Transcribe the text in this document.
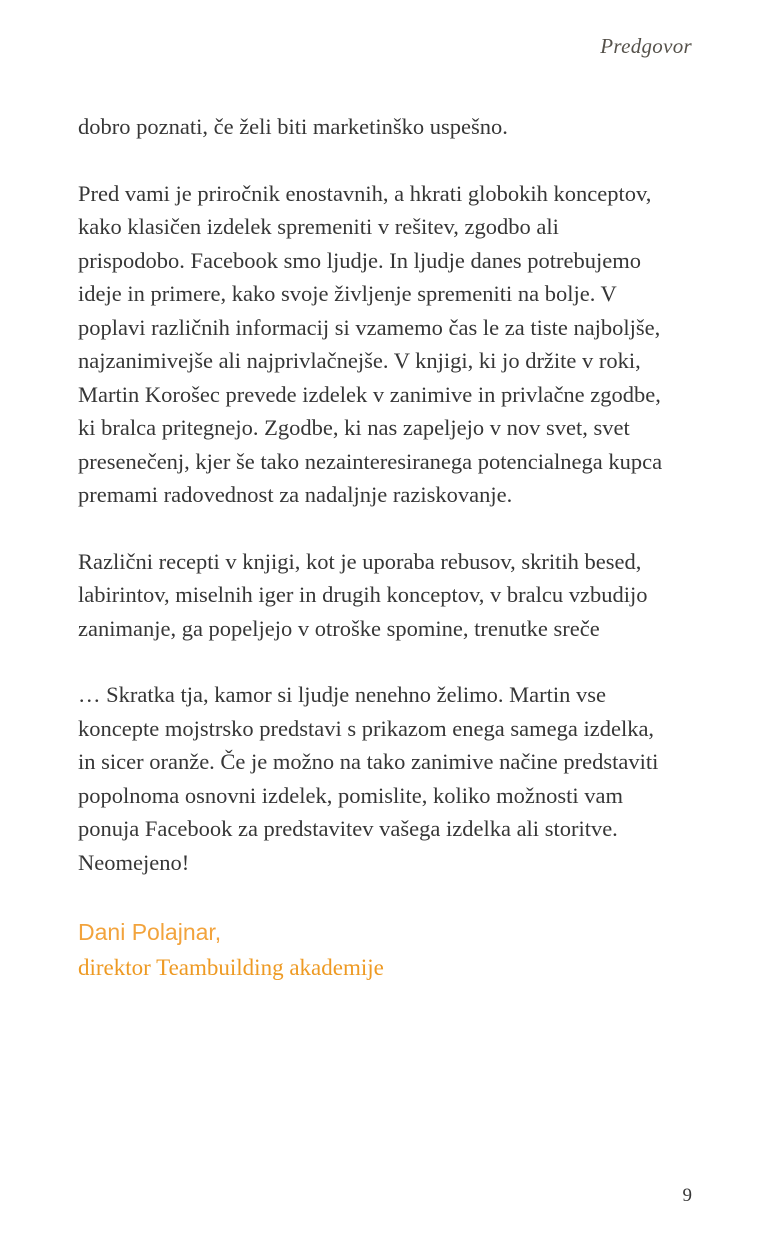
Predgovor

dobro poznati, če želi biti marketinško uspešno.

Pred vami je priročnik enostavnih, a hkrati globokih konceptov,
kako klasičen izdelek spremeniti v rešitev, zgodbo ali
prispodobo. Facebook smo ljudje. In ljudje danes potrebujemo
ideje in primere, kako svoje življenje spremeniti na bolje. V
poplavi različnih informacij si vzamemo čas le za tiste najboljše,
najzanimivejše ali najprivlačnejše. V knjigi, ki jo držite v roki,
Martin Korošec prevede izdelek v zanimive in privlačne zgodbe,
ki bralca pritegnejo. Zgodbe, ki nas zapeljejo v nov svet, svet
presenečenj, kjer še tako nezainteresiranega potencialnega kupca
premami radovednost za nadaljnje raziskovanje.

Različni recepti v knjigi, kot je uporaba rebusov, skritih besed,
labirintov, miselnih iger in drugih konceptov, v bralcu vzbudijo
zanimanje, ga popeljejo v otroške spomine, trenutke sreče

… Skratka tja, kamor si ljudje nenehno želimo. Martin vse
koncepte mojstrsko predstavi s prikazom enega samega izdelka,
in sicer oranže. Če je možno na tako zanimive načine predstaviti
popolnoma osnovni izdelek, pomislite, koliko možnosti vam
ponuja Facebook za predstavitev vašega izdelka ali storitve.
Neomejeno!

Dani Polajnar,
direktor Teambuilding akademije
9
